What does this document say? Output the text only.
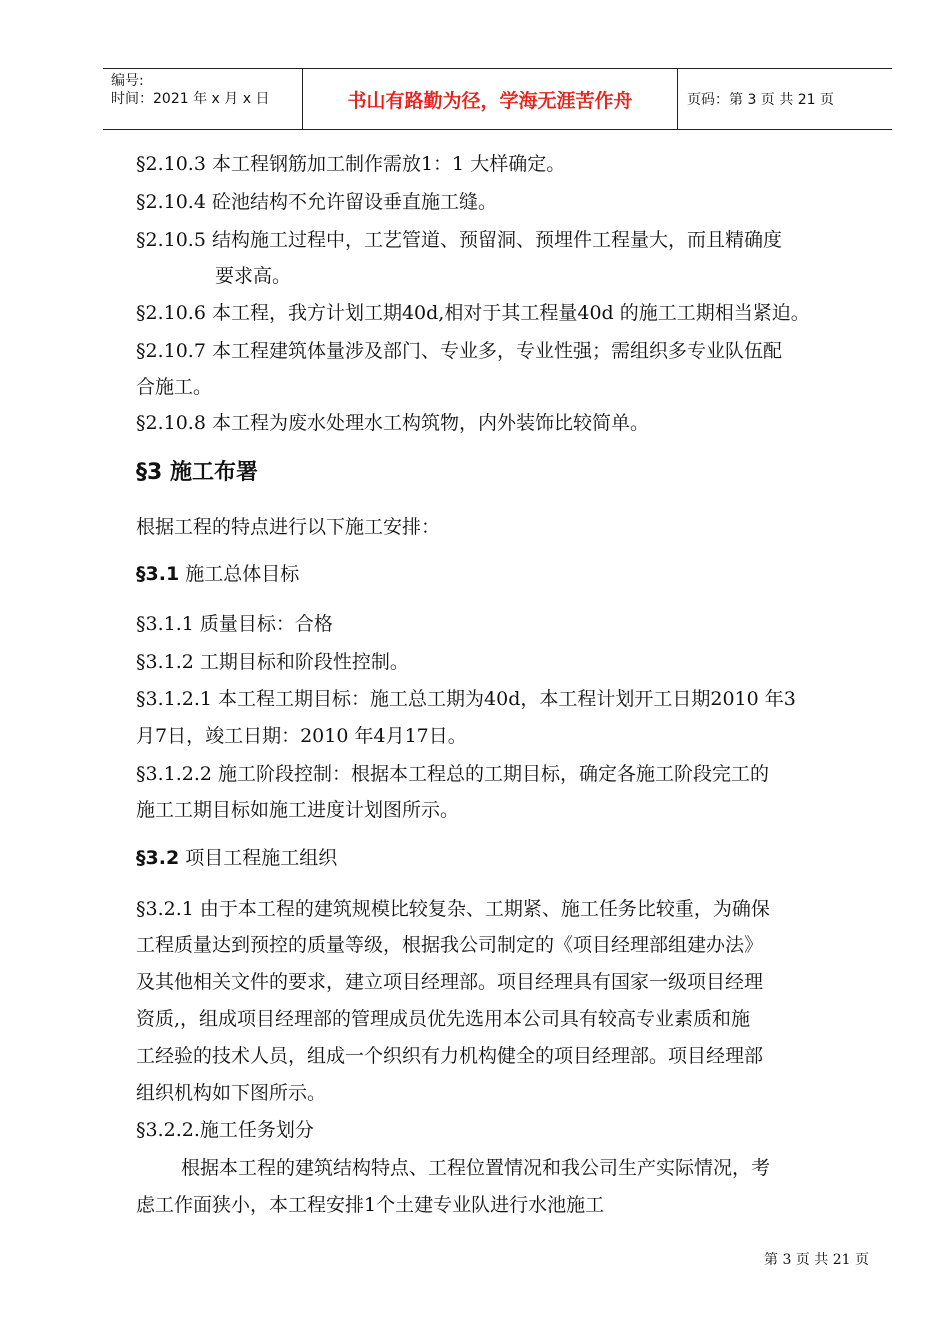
编号:
时间：2021 年 x 月 x 日	书山有路勤为径，学海无涯苦作舟	页码：第 3 页 共 21 页
§2.10.3 本工程钢筋加工制作需放1：1 大样确定。
§2.10.4 砼池结构不允许留设垂直施工缝。
§2.10.5 结构施工过程中，工艺管道、预留洞、预埋件工程量大，而且精确度
要求高。
§2.10.6 本工程，我方计划工期40d,相对于其工程量40d 的施工工期相当紧迫。
§2.10.7 本工程建筑体量涉及部门、专业多，专业性强；需组织多专业队伍配
合施工。
§2.10.8 本工程为废水处理水工构筑物，内外装饰比较简单。
§3 施工布署
根据工程的特点进行以下施工安排：
§3.1 施工总体目标
§3.1.1 质量目标：合格
§3.1.2 工期目标和阶段性控制。
§3.1.2.1 本工程工期目标：施工总工期为40d，本工程计划开工日期2010 年3
月7日，竣工日期：2010 年4月17日。
§3.1.2.2 施工阶段控制：根据本工程总的工期目标，确定各施工阶段完工的
施工工期目标如施工进度计划图所示。
§3.2 项目工程施工组织
§3.2.1 由于本工程的建筑规模比较复杂、工期紧、施工任务比较重，为确保
工程质量达到预控的质量等级，根据我公司制定的《项目经理部组建办法》
及其他相关文件的要求，建立项目经理部。项目经理具有国家一级项目经理
资质,，组成项目经理部的管理成员优先选用本公司具有较高专业素质和施
工经验的技术人员，组成一个织织有力机构健全的项目经理部。项目经理部
组织机构如下图所示。
§3.2.2.施工任务划分
根据本工程的建筑结构特点、工程位置情况和我公司生产实际情况，考
虑工作面狭小，本工程安排1个土建专业队进行水池施工
第 3 页 共 21 页
